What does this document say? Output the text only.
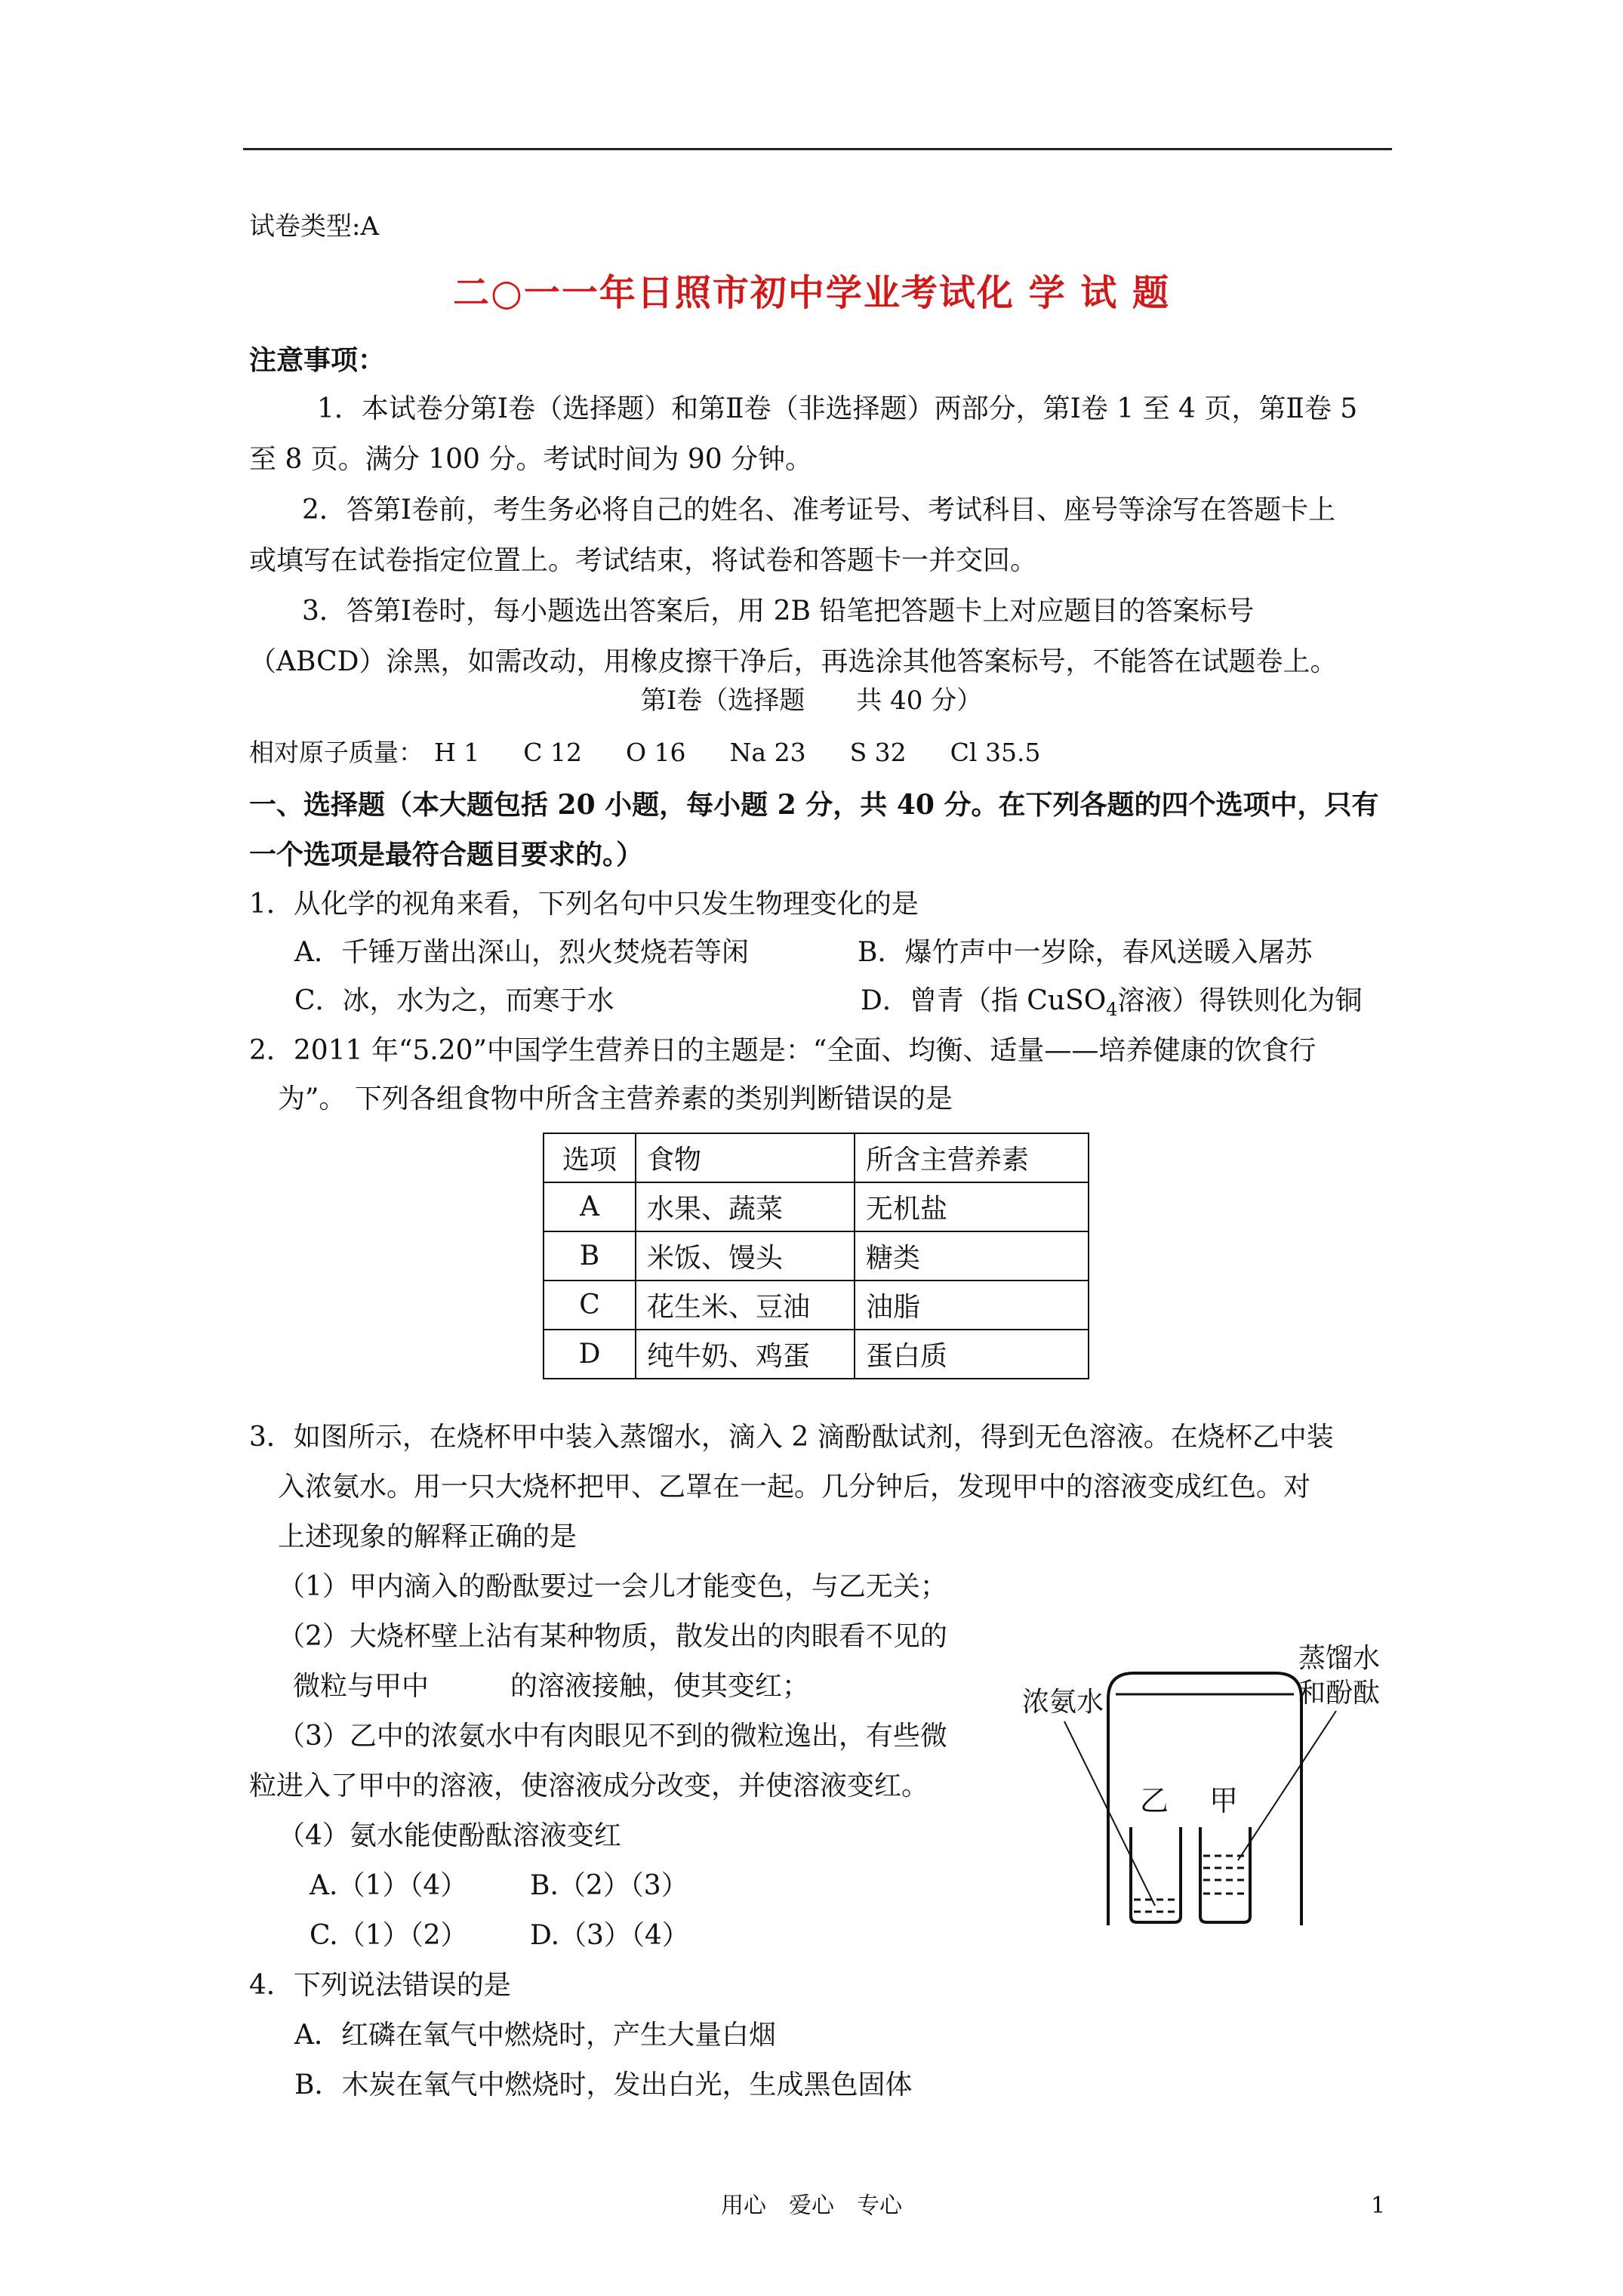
试卷类型:A
二○一一年日照市初中学业考试化 学 试 题
注意事项：
1．本试卷分第Ⅰ卷（选择题）和第Ⅱ卷（非选择题）两部分，第Ⅰ卷 1 至 4 页，第Ⅱ卷 5
至 8 页。满分 100 分。考试时间为 90 分钟。
2．答第Ⅰ卷前，考生务必将自己的姓名、准考证号、考试科目、座号等涂写在答题卡上
或填写在试卷指定位置上。考试结束，将试卷和答题卡一并交回。
3．答第Ⅰ卷时，每小题选出答案后，用 2B 铅笔把答题卡上对应题目的答案标号
（ABCD）涂黑，如需改动，用橡皮擦干净后，再选涂其他答案标号，不能答在试题卷上。
第Ⅰ卷（选择题　　共 40 分）
相对原子质量： H 1 C 12 O 16 Na 23 S 32 Cl 35.5
一、选择题（本大题包括 20 小题，每小题 2 分，共 40 分。在下列各题的四个选项中，只有
一个选项是最符合题目要求的。）
1．从化学的视角来看，下列名句中只发生物理变化的是
A．千锤万凿出深山，烈火焚烧若等闲	B．爆竹声中一岁除，春风送暖入屠苏
C．冰，水为之，而寒于水	D．曾青（指 CuSO$_4$溶液）得铁则化为铜
2．2011 年“5.20”中国学生营养日的主题是：“全面、均衡、适量——培养健康的饮食行
为”。 下列各组食物中所含主营养素的类别判断错误的是
选项	食物	所含主营养素
A	水果、蔬菜	无机盐
B	米饭、馒头	糖类
C	花生米、豆油	油脂
D	纯牛奶、鸡蛋	蛋白质
3．如图所示，在烧杯甲中装入蒸馏水，滴入 2 滴酚酞试剂，得到无色溶液。在烧杯乙中装
入浓氨水。用一只大烧杯把甲、乙罩在一起。几分钟后，发现甲中的溶液变成红色。对
上述现象的解释正确的是
（1）甲内滴入的酚酞要过一会儿才能变色，与乙无关；
（2）大烧杯壁上沾有某种物质，散发出的肉眼看不见的
微粒与甲中　　　的溶液接触，使其变红；
（3）乙中的浓氨水中有肉眼见不到的微粒逸出，有些微
粒进入了甲中的溶液，使溶液成分改变，并使溶液变红。
（4）氨水能使酚酞溶液变红
A.（1）（4） B.（2）（3）
C.（1）（2） D.（3）（4）
蒸馏水
和酚酞
浓氨水
乙 甲
4．下列说法错误的是
A．红磷在氧气中燃烧时，产生大量白烟
B．木炭在氧气中燃烧时，发出白光，生成黑色固体
用心　爱心　专心	1
